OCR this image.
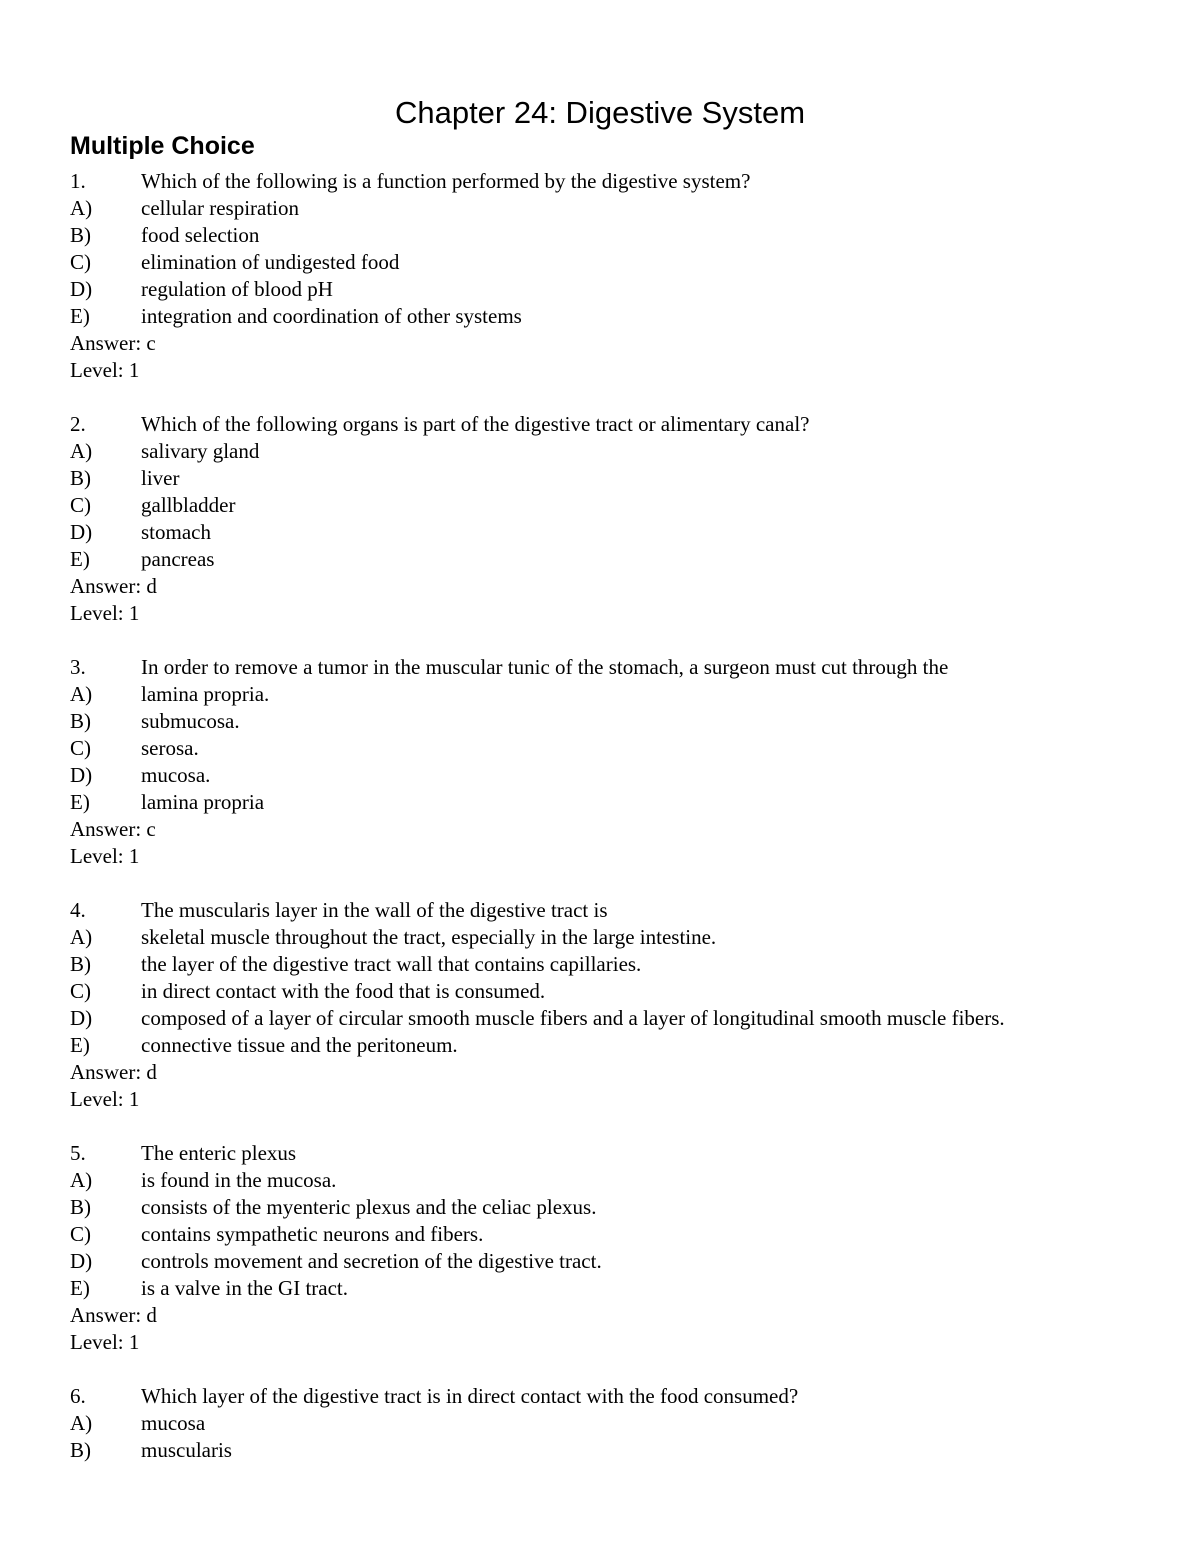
Chapter 24: Digestive System
Multiple Choice
1.	Which of the following is a function performed by the digestive system?
A)	cellular respiration
B)	food selection
C)	elimination of undigested food
D)	regulation of blood pH
E)	integration and coordination of other systems
Answer: c
Level: 1
2.	Which of the following organs is part of the digestive tract or alimentary canal?
A)	salivary gland
B)	liver
C)	gallbladder
D)	stomach
E)	pancreas
Answer: d
Level: 1
3.	In order to remove a tumor in the muscular tunic of the stomach, a surgeon must cut through the
A)	lamina propria.
B)	submucosa.
C)	serosa.
D)	mucosa.
E)	lamina propria
Answer: c
Level: 1
4.	The muscularis layer in the wall of the digestive tract is
A)	skeletal muscle throughout the tract, especially in the large intestine.
B)	the layer of the digestive tract wall that contains capillaries.
C)	in direct contact with the food that is consumed.
D)	composed of a layer of circular smooth muscle fibers and a layer of longitudinal smooth muscle fibers.
E)	connective tissue and the peritoneum.
Answer: d
Level: 1
5.	The enteric plexus
A)	is found in the mucosa.
B)	consists of the myenteric plexus and the celiac plexus.
C)	contains sympathetic neurons and fibers.
D)	controls movement and secretion of the digestive tract.
E)	is a valve in the GI tract.
Answer: d
Level: 1
6.	Which layer of the digestive tract is in direct contact with the food consumed?
A)	mucosa
B)	muscularis
